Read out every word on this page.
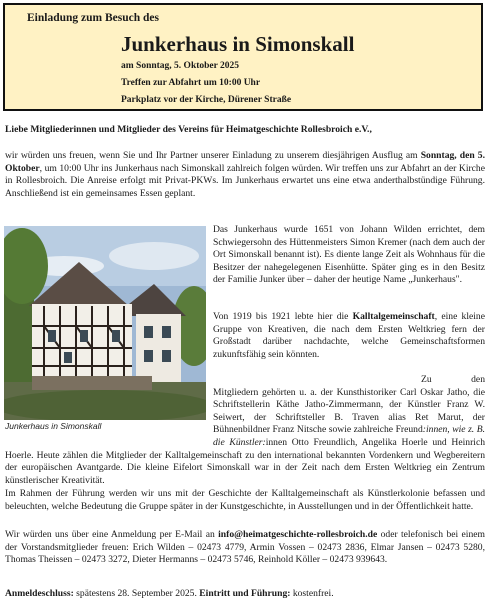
Einladung zum Besuch des
Junkerhaus in Simonskall
am Sonntag, 5. Oktober 2025
Treffen zur Abfahrt um 10:00 Uhr
Parkplatz vor der Kirche, Dürener Straße
Liebe Mitgliederinnen und Mitglieder des Vereins für Heimatgeschichte Rollesbroich e.V.,
wir würden uns freuen, wenn Sie und Ihr Partner unserer Einladung zu unserem diesjährigen Ausflug am Sonntag, den 5. Oktober, um 10:00 Uhr ins Junkerhaus nach Simonskall zahlreich folgen würden. Wir treffen uns zur Abfahrt an der Kirche in Rollesbroich. Die Anreise erfolgt mit Privat-PKWs. Im Junkerhaus erwartet uns eine etwa anderthalbstündige Führung. Anschließend ist ein gemeinsames Essen geplant.
Junkerhaus in Simonskall
Das Junkerhaus wurde 1651 von Johann Wilden errichtet, dem Schwiegersohn des Hüttenmeisters Simon Kremer (nach dem auch der Ort Simonskall benannt ist). Es diente lange Zeit als Wohnhaus für die Besitzer der nahegelegenen Eisenhütte. Später ging es in den Besitz der Familie Junker über – daher der heutige Name „Junkerhaus".
Von 1919 bis 1921 lebte hier die Kalltalgemeinschaft, eine kleine Gruppe von Kreativen, die nach dem Ersten Weltkrieg fern der Großstadt darüber nachdachte, welche Gemeinschaftsformen zukunftsfähig sein könnten.
Zu den Mitgliedern gehörten u. a. der Kunsthistoriker Carl Oskar Jatho, die Schriftstellerin Käthe Jatho-Zimmermann, der Künstler Franz W. Seiwert, der Schriftsteller B. Traven alias Ret Marut, der Bühnenbildner Franz Nitsche sowie zahlreiche Freund:innen, wie z. B. die Künstler:innen Otto Freundlich, Angelika Hoerle und Heinrich Hoerle. Heute zählen die Mitglieder der Kalltalgemeinschaft zu den international bekannten Vordenkern und Wegbereitern der europäischen Avantgarde. Die kleine Eifelort Simonskall war in der Zeit nach dem Ersten Weltkrieg ein Zentrum künstlerischer Kreativität.
Im Rahmen der Führung werden wir uns mit der Geschichte der Kalltalgemeinschaft als Künstlerkolonie befassen und beleuchten, welche Bedeutung die Gruppe später in der Kunstgeschichte, in Ausstellungen und in der Öffentlichkeit hatte.
Wir würden uns über eine Anmeldung per E-Mail an info@heimatgeschichte-rollesbroich.de oder telefonisch bei einem der Vorstandsmitglieder freuen: Erich Wilden – 02473 4779, Armin Vossen – 02473 2836, Elmar Jansen – 02473 5280, Thomas Theissen – 02473 3272, Dieter Hermanns – 02473 5746, Reinhold Köller – 02473 939643.
Anmeldeschluss: spätestens 28. September 2025. Eintritt und Führung: kostenfrei.
